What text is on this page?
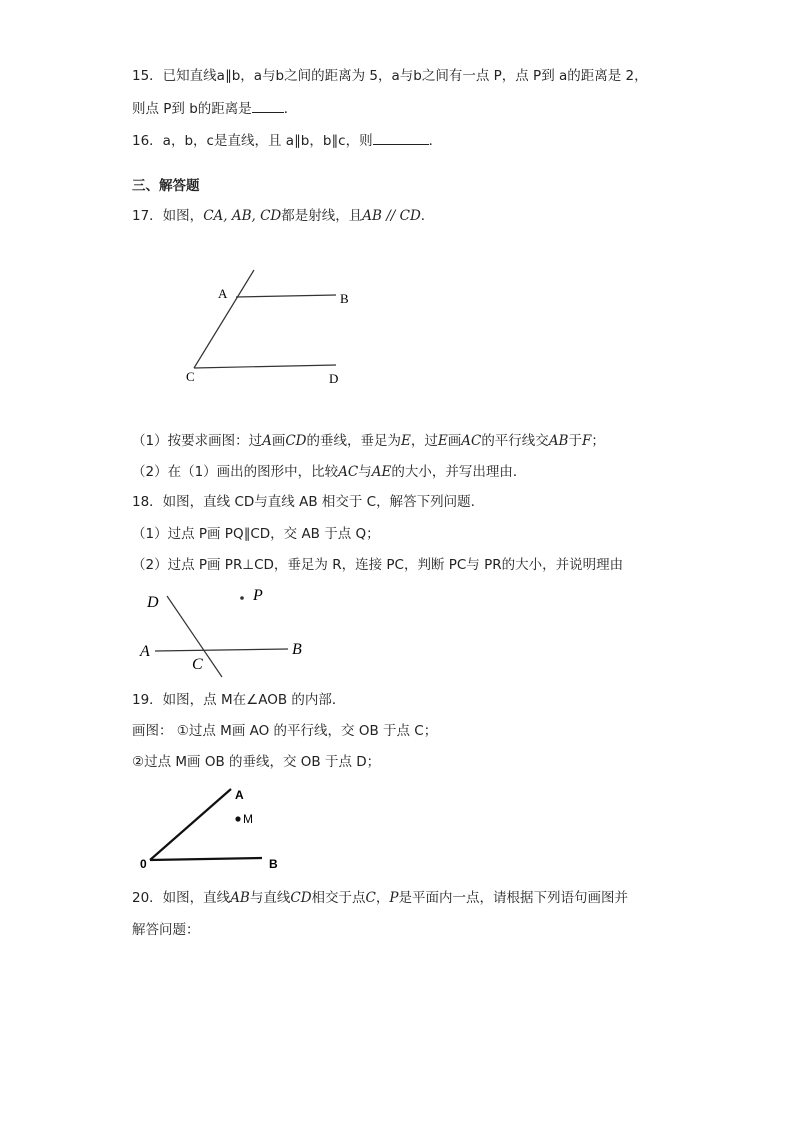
15．已知直线a∥b，a与b之间的距离为 5，a与b之间有一点 P，点 P到 a的距离是 2，
则点 P到 b的距离是 ．
16．a，b，c是直线，且 a∥b，b∥c，则	．
三、解答题
17．如图，CA, AB, CD都是射线，且AB // CD．
A	B
C	D
（1）按要求画图：过A画CD的垂线，垂足为E，过E画AC的平行线交AB于F；
（2）在（1）画出的图形中，比较AC与AE的大小，并写出理由．
18．如图，直线 CD与直线 AB 相交于 C，解答下列问题.
（1）过点 P画 PQ∥CD，交 AB 于点 Q；
（2）过点 P画 PR⊥CD，垂足为 R，连接 PC，判断 PC与 PR的大小，并说明理由
D	P
A
C
B
19．如图，点 M在∠AOB 的内部．
画图： ①过点 M画 AO 的平行线，交 OB 于点 C；
②过点 M画 OB 的垂线，交 OB 于点 D；
A
M
0	B
20．如图，直线AB与直线CD相交于点C，P是平面内一点，请根据下列语句画图并
解答问题：
